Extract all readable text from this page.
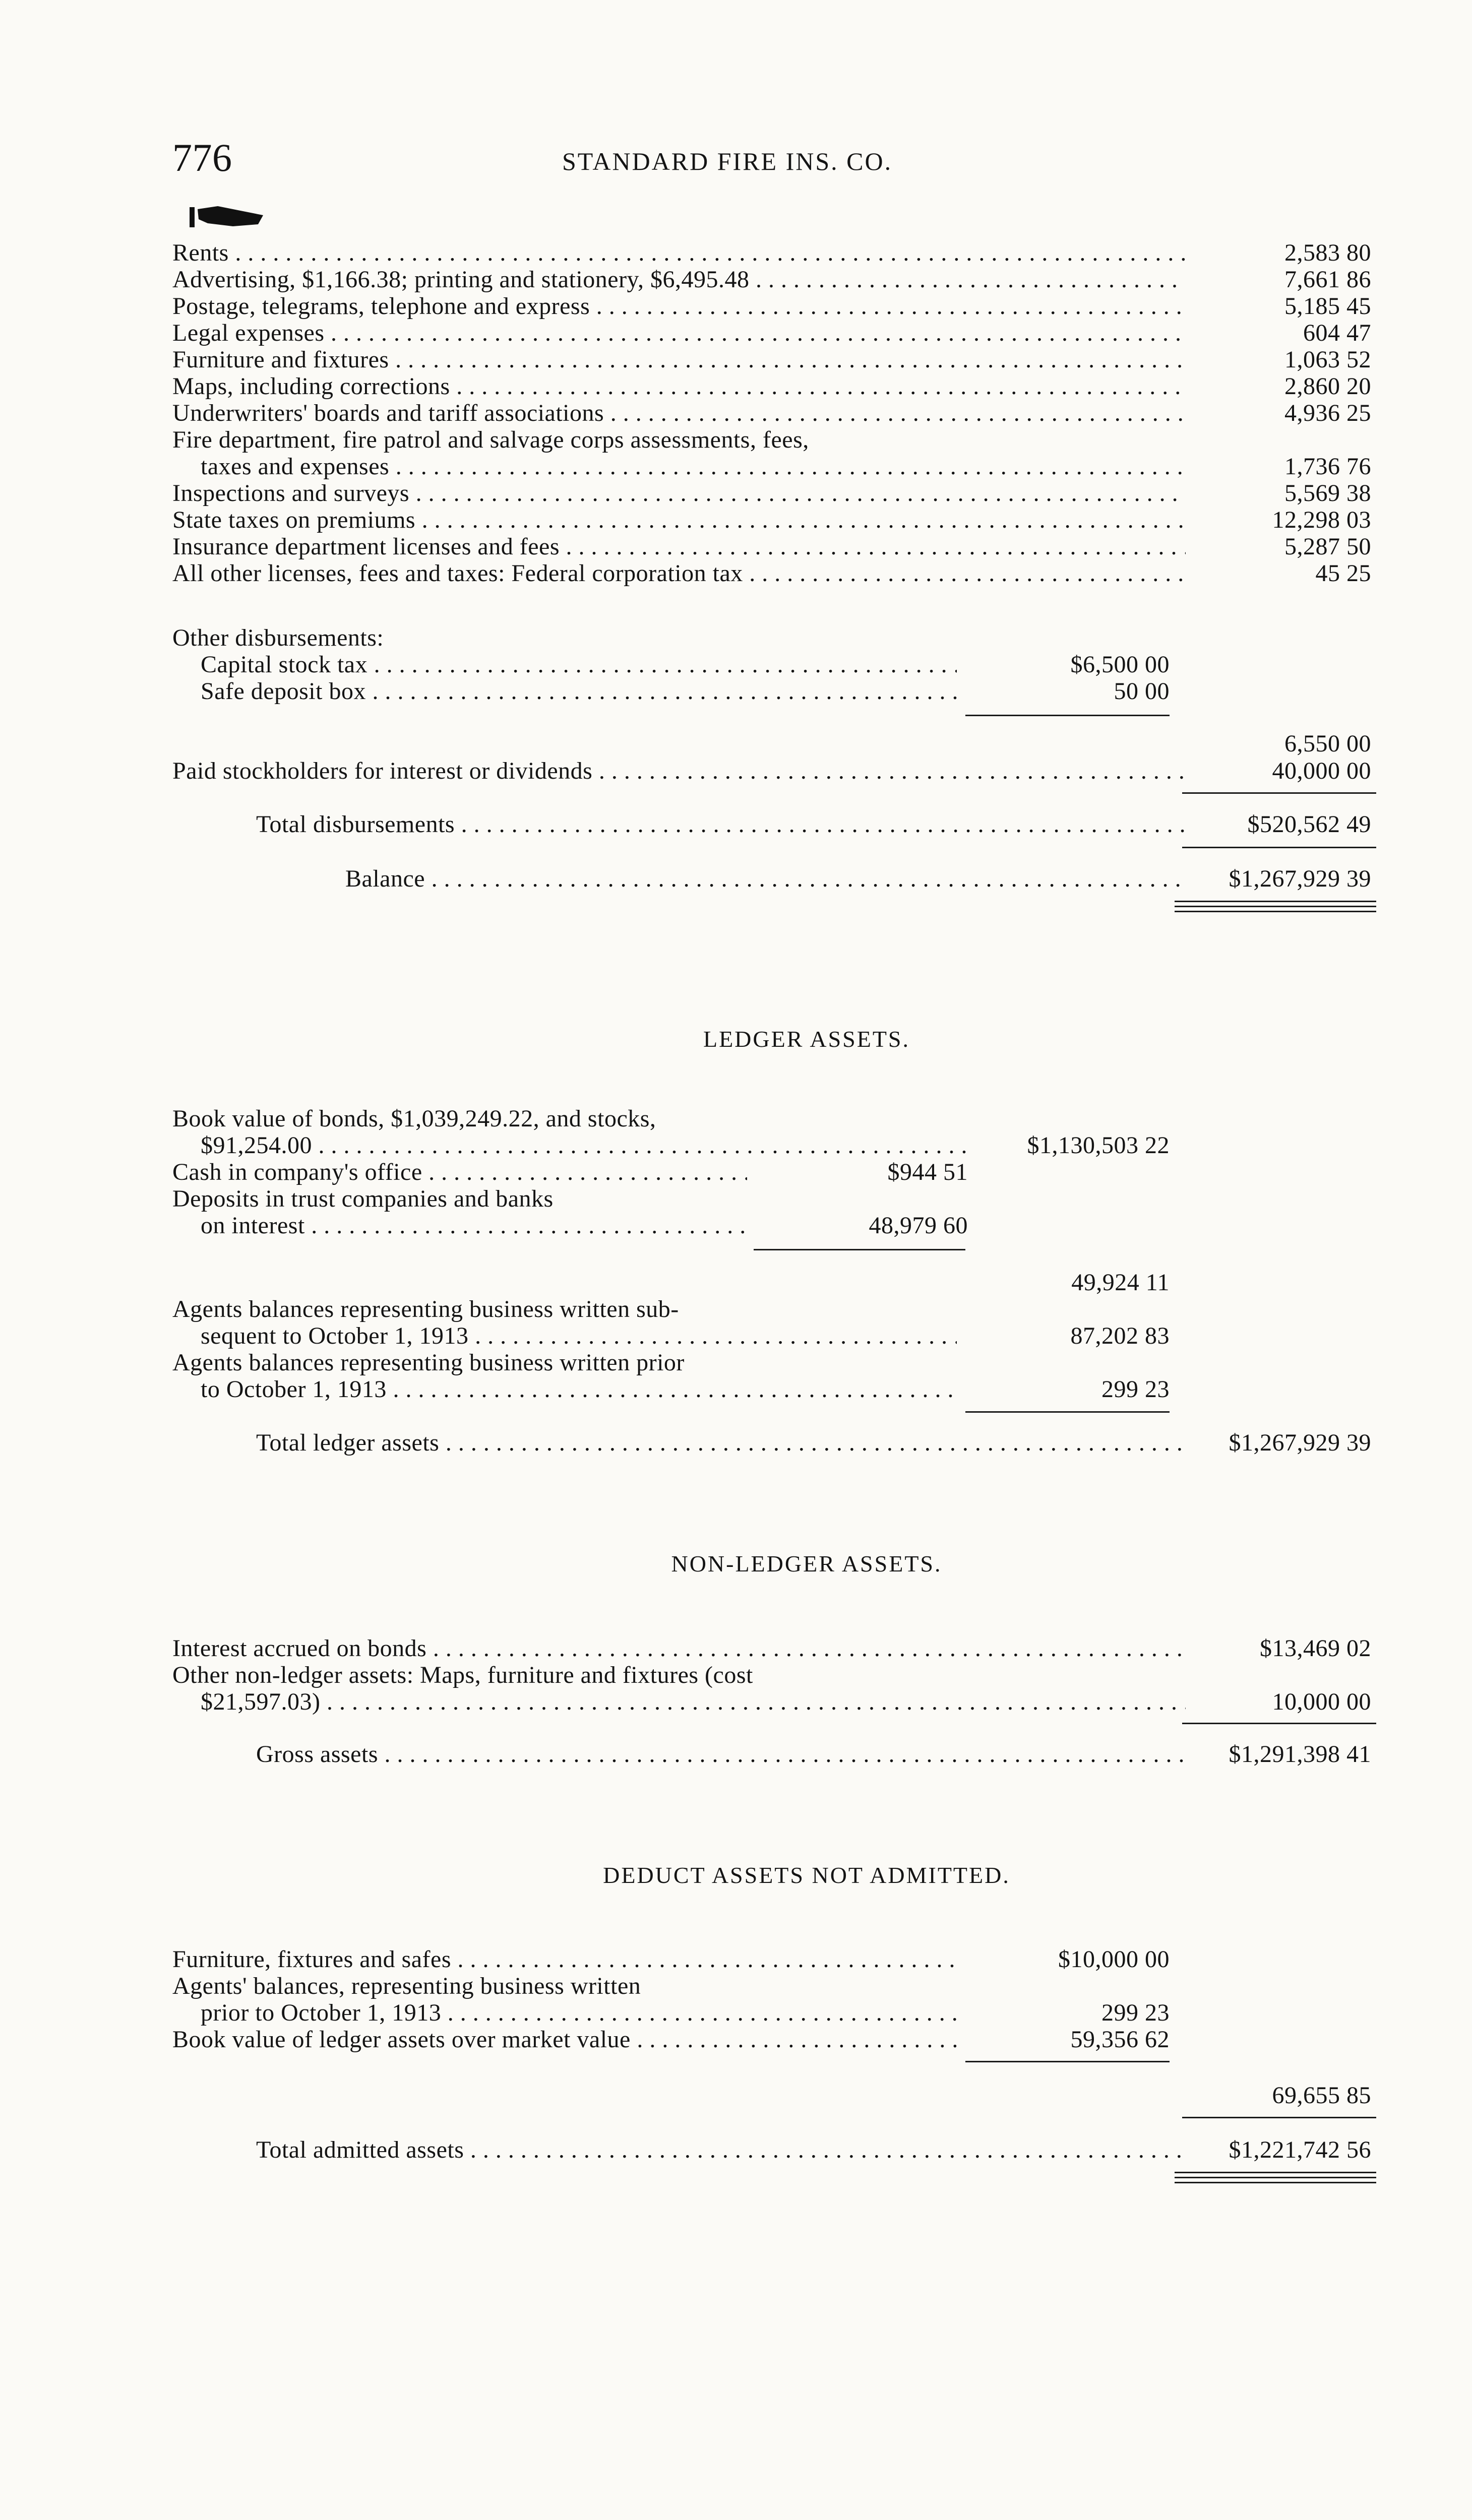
776	STANDARD FIRE INS. CO.
Rents . . .	2,583 80
Advertising, $1,166.38; printing and stationery, $6,495.48 . . .	7,661 86
Postage, telegrams, telephone and express . . .	5,185 45
Legal expenses . . .	604 47
Furniture and fixtures . . .	1,063 52
Maps, including corrections . . .	2,860 20
Underwriters' boards and tariff associations . . .	4,936 25
Fire department, fire patrol and salvage corps assessments, fees,
taxes and expenses . . .	1,736 76
Inspections and surveys . . .	5,569 38
State taxes on premiums . . .	12,298 03
Insurance department licenses and fees . . .	5,287 50
All other licenses, fees and taxes: Federal corporation tax . . .	45 25
Other disbursements:
Capital stock tax . . .	$6,500 00
Safe deposit box . . .	50 00
6,550 00
Paid stockholders for interest or dividends . . .	40,000 00
Total disbursements . . .	$520,562 49
Balance . . .	$1,267,929 39
LEDGER ASSETS.
Book value of bonds, $1,039,249.22, and stocks,
$91,254.00 . . .	$1,130,503 22
Cash in company's office . . .	$944 51
Deposits in trust companies and banks
on interest . . .	48,979 60
49,924 11
Agents balances representing business written sub-
sequent to October 1, 1913 . . .	87,202 83
Agents balances representing business written prior
to October 1, 1913 . . .	299 23
Total ledger assets . . .	$1,267,929 39
NON-LEDGER ASSETS.
Interest accrued on bonds . . .	$13,469 02
Other non-ledger assets: Maps, furniture and fixtures (cost
$21,597.03) . . .	10,000 00
Gross assets . . .	$1,291,398 41
DEDUCT ASSETS NOT ADMITTED.
Furniture, fixtures and safes . . .	$10,000 00
Agents' balances, representing business written
prior to October 1, 1913 . . .	299 23
Book value of ledger assets over market value . . .	59,356 62
69,655 85
Total admitted assets . . .	$1,221,742 56
